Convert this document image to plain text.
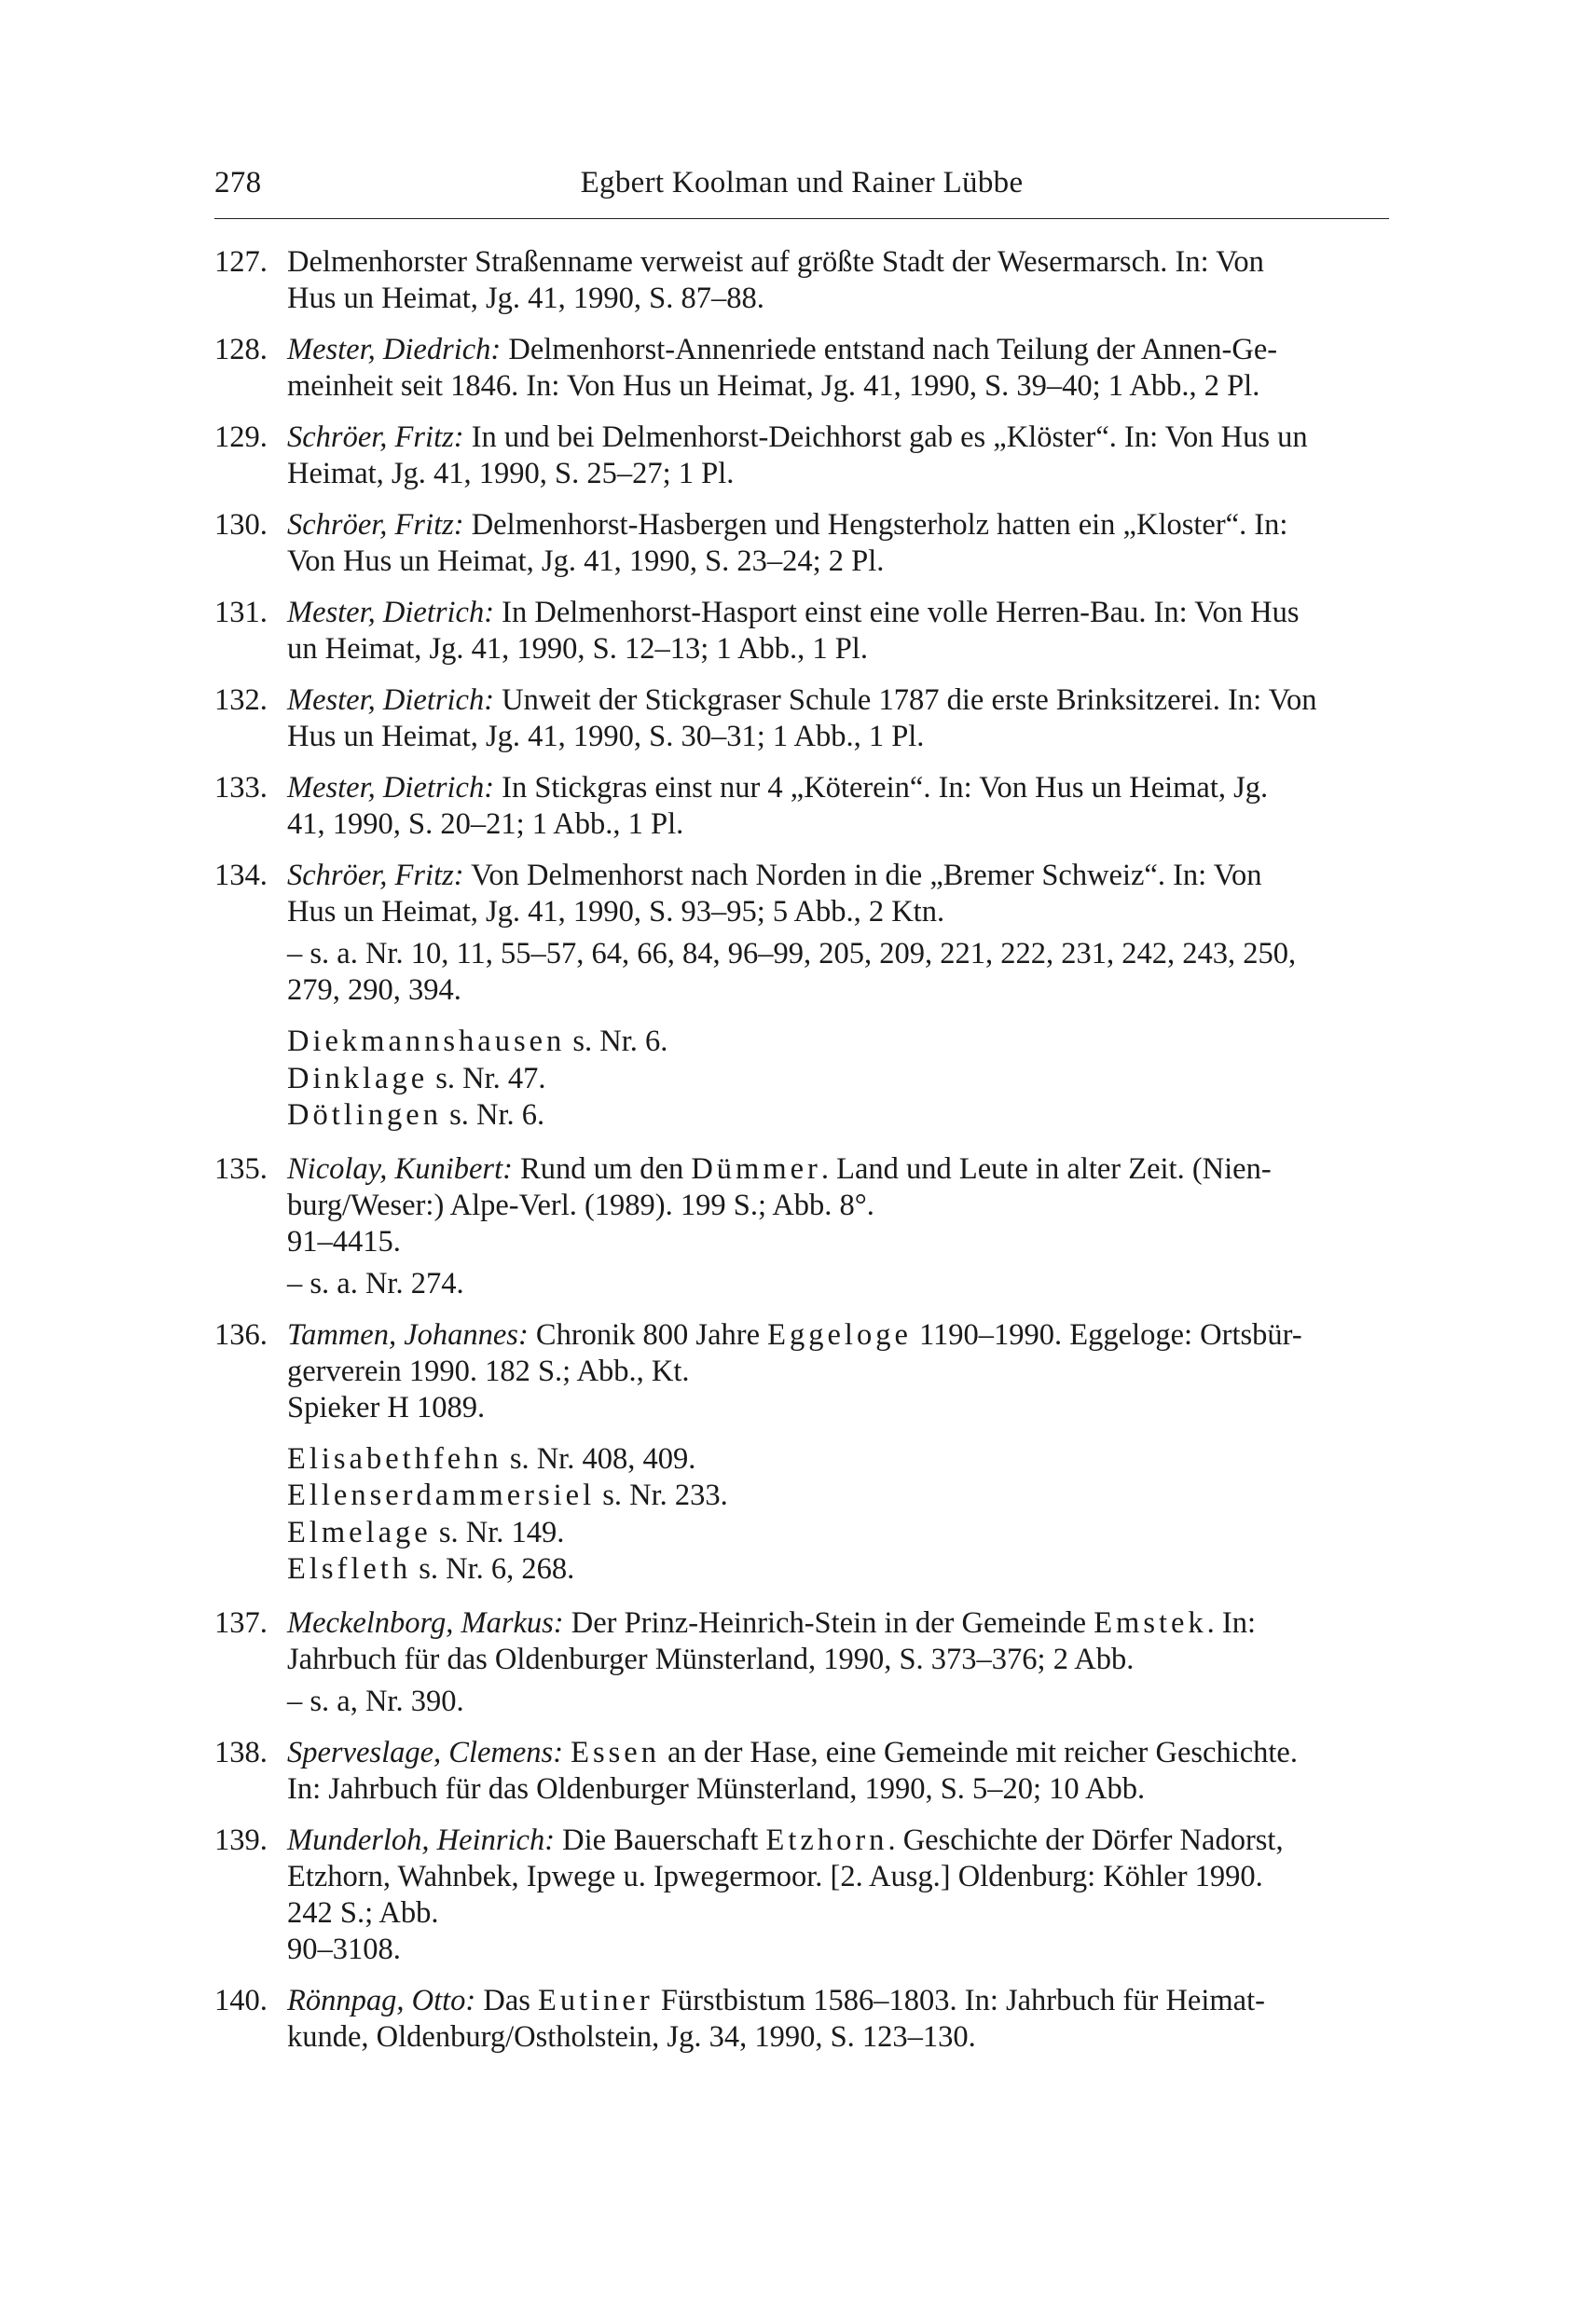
278	Egbert Koolman und Rainer Lübbe
127. Delmenhorster Straßenname verweist auf größte Stadt der Wesermarsch. In: Von
Hus un Heimat, Jg. 41, 1990, S. 87–88.
128. Mester, Diedrich: Delmenhorst-Annenriede entstand nach Teilung der Annen-Ge-
meinheit seit 1846. In: Von Hus un Heimat, Jg. 41, 1990, S. 39–40; 1 Abb., 2 Pl.
129. Schröer, Fritz: In und bei Delmenhorst-Deichhorst gab es „Klöster“. In: Von Hus un
Heimat, Jg. 41, 1990, S. 25–27; 1 Pl.
130. Schröer, Fritz: Delmenhorst-Hasbergen und Hengsterholz hatten ein „Kloster“. In:
Von Hus un Heimat, Jg. 41, 1990, S. 23–24; 2 Pl.
131. Mester, Dietrich: In Delmenhorst-Hasport einst eine volle Herren-Bau. In: Von Hus
un Heimat, Jg. 41, 1990, S. 12–13; 1 Abb., 1 Pl.
132. Mester, Dietrich: Unweit der Stickgraser Schule 1787 die erste Brinksitzerei. In: Von
Hus un Heimat, Jg. 41, 1990, S. 30–31; 1 Abb., 1 Pl.
133. Mester, Dietrich: In Stickgras einst nur 4 „Köterein“. In: Von Hus un Heimat, Jg.
41, 1990, S. 20–21; 1 Abb., 1 Pl.
134. Schröer, Fritz: Von Delmenhorst nach Norden in die „Bremer Schweiz“. In: Von
Hus un Heimat, Jg. 41, 1990, S. 93–95; 5 Abb., 2 Ktn.
– s. a. Nr. 10, 11, 55–57, 64, 66, 84, 96–99, 205, 209, 221, 222, 231, 242, 243, 250,
279, 290, 394.
Diekmannshausen s. Nr. 6.
Dinklage s. Nr. 47.
Dötlingen s. Nr. 6.
135. Nicolay, Kunibert: Rund um den Dümmer. Land und Leute in alter Zeit. (Nien-
burg/Weser:) Alpe-Verl. (1989). 199 S.; Abb. 8°.
91–4415.
– s. a. Nr. 274.
136. Tammen, Johannes: Chronik 800 Jahre Eggeloge 1190–1990. Eggeloge: Ortsbür-
gerverein 1990. 182 S.; Abb., Kt.
Spieker H 1089.
Elisabethfehn s. Nr. 408, 409.
Ellenserdammersiel s. Nr. 233.
Elmelage s. Nr. 149.
Elsfleth s. Nr. 6, 268.
137. Meckelnborg, Markus: Der Prinz-Heinrich-Stein in der Gemeinde Emstek. In:
Jahrbuch für das Oldenburger Münsterland, 1990, S. 373–376; 2 Abb.
– s. a, Nr. 390.
138. Sperveslage, Clemens: Essen an der Hase, eine Gemeinde mit reicher Geschichte.
In: Jahrbuch für das Oldenburger Münsterland, 1990, S. 5–20; 10 Abb.
139. Munderloh, Heinrich: Die Bauerschaft Etzhorn. Geschichte der Dörfer Nadorst,
Etzhorn, Wahnbek, Ipwege u. Ipwegermoor. [2. Ausg.] Oldenburg: Köhler 1990.
242 S.; Abb.
90–3108.
140. Rönnpag, Otto: Das Eutiner Fürstbistum 1586–1803. In: Jahrbuch für Heimat-
kunde, Oldenburg/Ostholstein, Jg. 34, 1990, S. 123–130.
